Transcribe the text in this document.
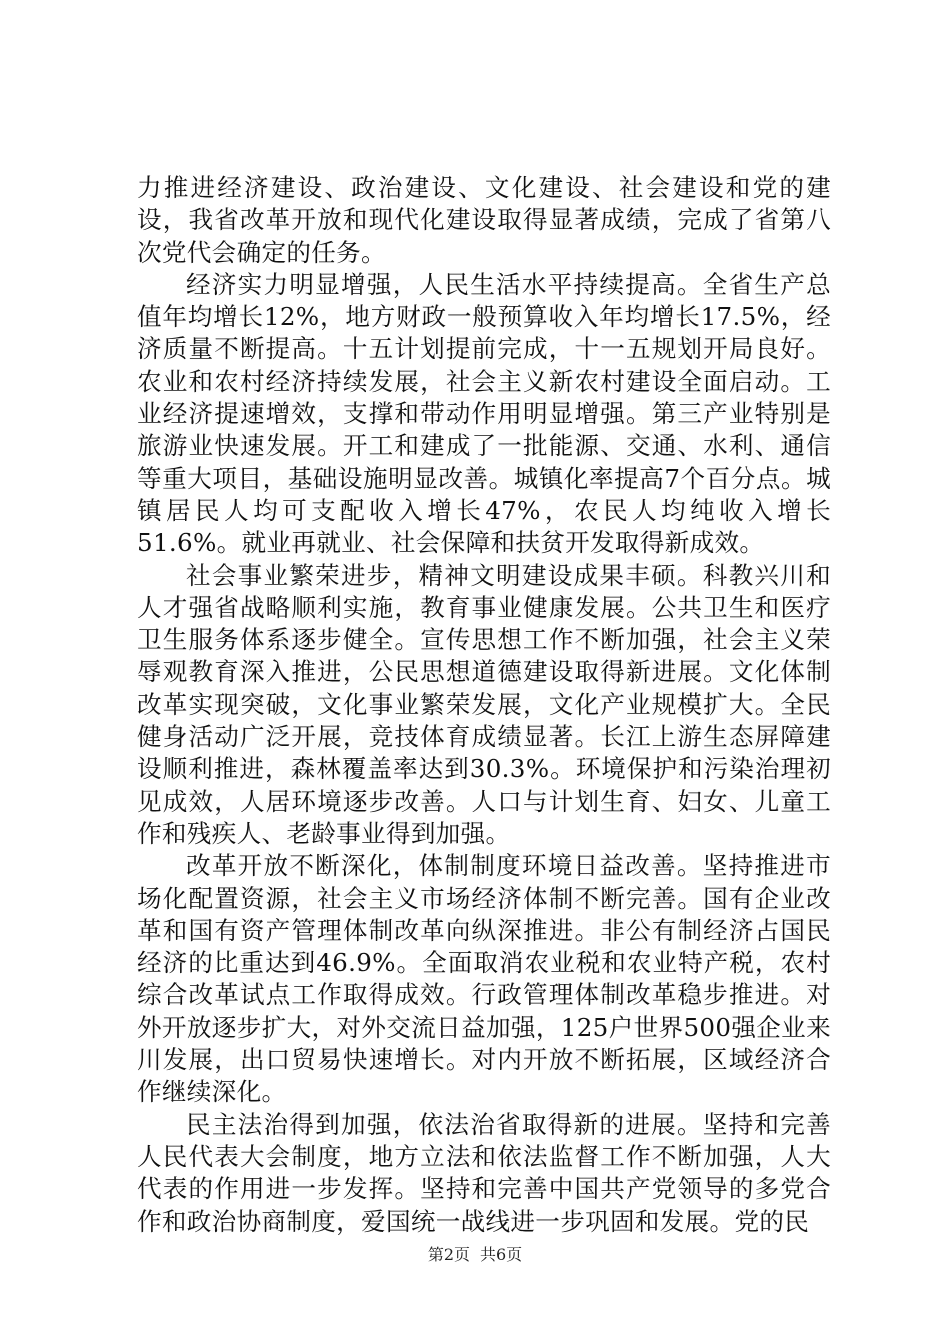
力推进经济建设、政治建设、文化建设、社会建设和党的建设，我省改革开放和现代化建设取得显著成绩，完成了省第八次党代会确定的任务。

经济实力明显增强，人民生活水平持续提高。全省生产总值年均增长12%，地方财政一般预算收入年均增长17.5%，经济质量不断提高。十五计划提前完成，十一五规划开局良好。农业和农村经济持续发展，社会主义新农村建设全面启动。工业经济提速增效，支撑和带动作用明显增强。第三产业特别是旅游业快速发展。开工和建成了一批能源、交通、水利、通信等重大项目，基础设施明显改善。城镇化率提高7个百分点。城镇居民人均可支配收入增长47%，农民人均纯收入增长51.6%。就业再就业、社会保障和扶贫开发取得新成效。

社会事业繁荣进步，精神文明建设成果丰硕。科教兴川和人才强省战略顺利实施，教育事业健康发展。公共卫生和医疗卫生服务体系逐步健全。宣传思想工作不断加强，社会主义荣辱观教育深入推进，公民思想道德建设取得新进展。文化体制改革实现突破，文化事业繁荣发展，文化产业规模扩大。全民健身活动广泛开展，竞技体育成绩显著。长江上游生态屏障建设顺利推进，森林覆盖率达到30.3%。环境保护和污染治理初见成效，人居环境逐步改善。人口与计划生育、妇女、儿童工作和残疾人、老龄事业得到加强。

改革开放不断深化，体制制度环境日益改善。坚持推进市场化配置资源，社会主义市场经济体制不断完善。国有企业改革和国有资产管理体制改革向纵深推进。非公有制经济占国民经济的比重达到46.9%。全面取消农业税和农业特产税，农村综合改革试点工作取得成效。行政管理体制改革稳步推进。对外开放逐步扩大，对外交流日益加强，125户世界500强企业来川发展，出口贸易快速增长。对内开放不断拓展，区域经济合作继续深化。

民主法治得到加强，依法治省取得新的进展。坚持和完善人民代表大会制度，地方立法和依法监督工作不断加强，人大代表的作用进一步发挥。坚持和完善中国共产党领导的多党合作和政治协商制度，爱国统一战线进一步巩固和发展。党的民

第2页 共6页
